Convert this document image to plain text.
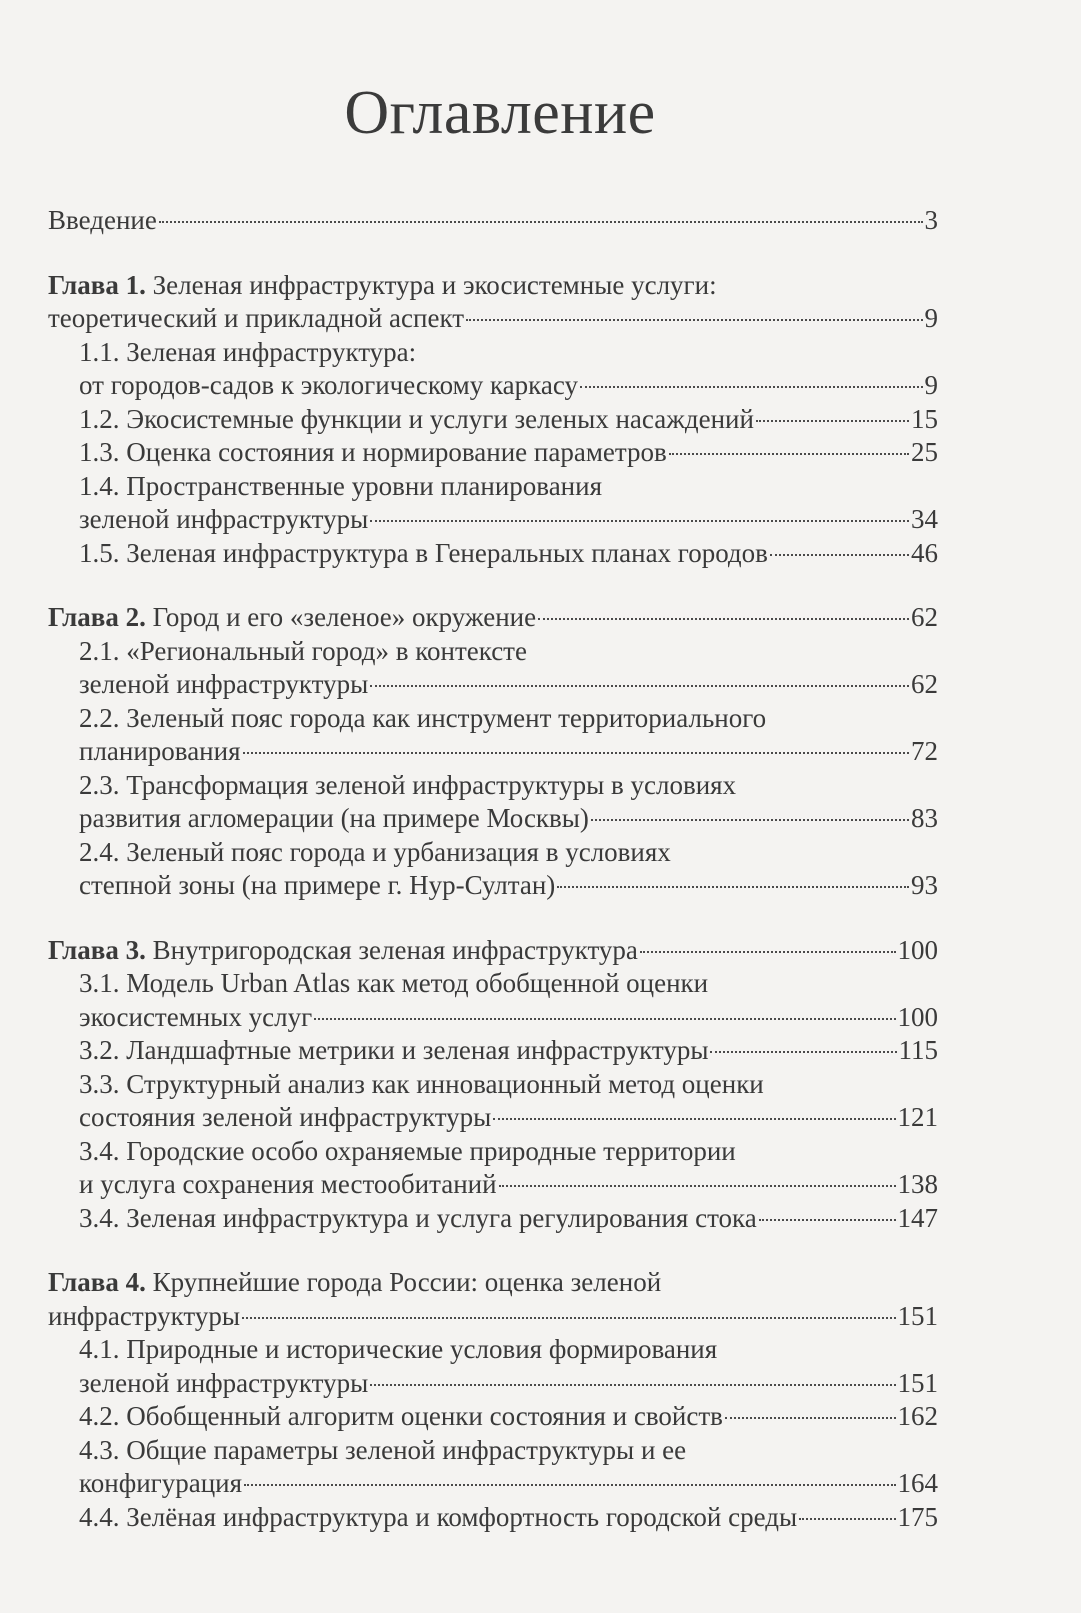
Оглавление
Введение	3
Глава 1. Зеленая инфраструктура и экосистемные услуги:
теоретический и прикладной аспект	9
1.1. Зеленая инфраструктура:
от городов-садов к экологическому каркасу	9
1.2. Экосистемные функции и услуги зеленых насаждений	15
1.3. Оценка состояния и нормирование параметров	25
1.4. Пространственные уровни планирования
зеленой инфраструктуры	34
1.5. Зеленая инфраструктура в Генеральных планах городов	46
Глава 2. Город и его «зеленое» окружение	62
2.1. «Региональный город» в контексте
зеленой инфраструктуры	62
2.2. Зеленый пояс города как инструмент территориального
планирования	72
2.3. Трансформация зеленой инфраструктуры в условиях
развития агломерации (на примере Москвы)	83
2.4. Зеленый пояс города и урбанизация в условиях
степной зоны (на примере г. Нур-Султан)	93
Глава 3. Внутригородская зеленая инфраструктура	100
3.1. Модель Urban Atlas как метод обобщенной оценки
экосистемных услуг	100
3.2. Ландшафтные метрики и зеленая инфраструктуры	115
3.3. Структурный анализ как инновационный метод оценки
состояния зеленой инфраструктуры	121
3.4. Городские особо охраняемые природные территории
и услуга сохранения местообитаний	138
3.4. Зеленая инфраструктура и услуга регулирования стока	147
Глава 4. Крупнейшие города России: оценка зеленой
инфраструктуры	151
4.1. Природные и исторические условия формирования
зеленой инфраструктуры	151
4.2. Обобщенный алгоритм оценки состояния и свойств	162
4.3. Общие параметры зеленой инфраструктуры и ее
конфигурация	164
4.4. Зелёная инфраструктура и комфортность городской среды	175
